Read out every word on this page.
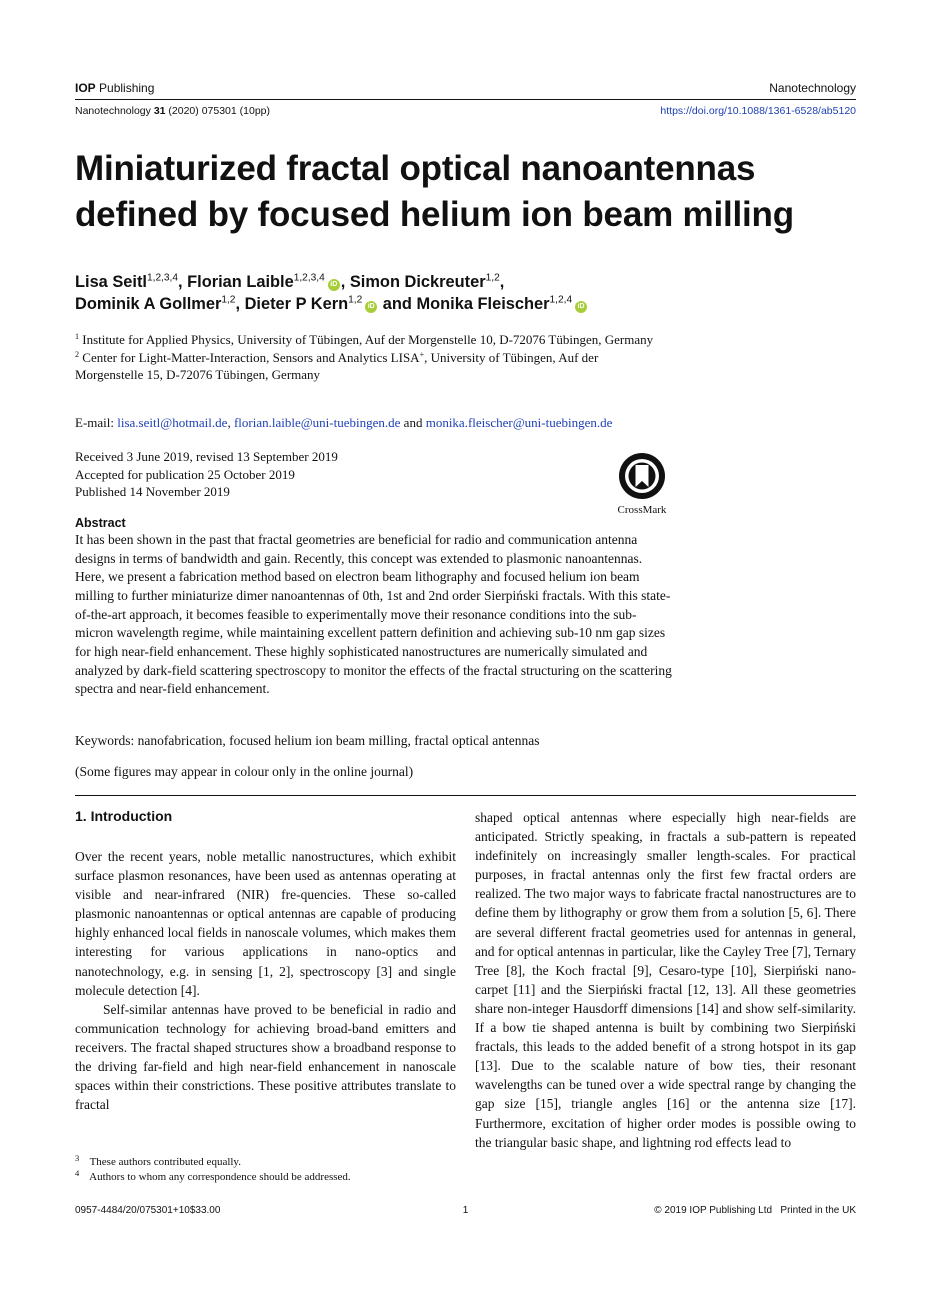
IOP Publishing	Nanotechnology
Nanotechnology 31 (2020) 075301 (10pp)	https://doi.org/10.1088/1361-6528/ab5120
Miniaturized fractal optical nanoantennas
defined by focused helium ion beam milling
Lisa Seitl$^{1,2,3,4}$, Florian Laible$^{1,2,3,4}$iD , Simon Dickreuter$^{1,2}$,
Dominik A Gollmer$^{1,2}$, Dieter P Kern$^{1,2}$iD and Monika Fleischer$^{1,2,4}$iD

$^1$ Institute for Applied Physics, University of Tübingen, Auf der Morgenstelle 10, D-72076 Tübingen, Germany

$^2$ Center for Light-Matter-Interaction, Sensors and Analytics LISA+, University of Tübingen, Auf der Morgenstelle 15, D-72076 Tübingen, Germany

E-mail: lisa.seitl@hotmail.de, florian.laible@uni-tuebingen.de and monika.fleischer@uni-tuebingen.de
Received 3 June 2019, revised 13 September 2019
Accepted for publication 25 October 2019
Published 14 November 2019
CrossMark
Abstract
It has been shown in the past that fractal geometries are beneficial for radio and communication antenna designs in terms of bandwidth and gain. Recently, this concept was extended to plasmonic nanoantennas. Here, we present a fabrication method based on electron beam lithography and focused helium ion beam milling to further miniaturize dimer nanoantennas of 0th, 1st and 2nd order Sierpiński fractals. With this state-of-the-art approach, it becomes feasible to experimentally move their resonance conditions into the sub-micron wavelength regime, while maintaining excellent pattern definition and achieving sub-10 nm gap sizes for high near-field enhancement. These highly sophisticated nanostructures are numerically simulated and analyzed by dark-field scattering spectroscopy to monitor the effects of the fractal structuring on the scattering spectra and near-field enhancement.
Keywords: nanofabrication, focused helium ion beam milling, fractal optical antennas
(Some figures may appear in colour only in the online journal)
1. Introduction

Over the recent years, noble metallic nanostructures, which exhibit surface plasmon resonances, have been used as antennas operating at visible and near-infrared (NIR) fre-quencies. These so-called plasmonic nanoantennas or optical antennas are capable of producing highly enhanced local fields in nanoscale volumes, which makes them interesting for various applications in nano-optics and nanotechnology, e.g. in sensing [1, 2], spectroscopy [3] and single molecule detection [4].

Self-similar antennas have proved to be beneficial in radio and communication technology for achieving broad-band emitters and receivers. The fractal shaped structures show a broadband response to the driving far-field and high near-field enhancement in nanoscale spaces within their constrictions. These positive attributes translate to fractal

shaped optical antennas where especially high near-fields are anticipated. Strictly speaking, in fractals a sub-pattern is repeated indefinitely on increasingly smaller length-scales. For practical purposes, in fractal antennas only the first few fractal orders are realized. The two major ways to fabricate fractal nanostructures are to define them by lithography or grow them from a solution [5, 6]. There are several different fractal geometries used for antennas in general, and for optical antennas in particular, like the Cayley Tree [7], Ternary Tree [8], the Koch fractal [9], Cesaro-type [10], Sierpiński nano-carpet [11] and the Sierpiński fractal [12, 13]. All these geometries share non-integer Hausdorff dimensions [14] and show self-similarity. If a bow tie shaped antenna is built by combining two Sierpiński fractals, this leads to the added benefit of a strong hotspot in its gap [13]. Due to the scalable nature of bow ties, their resonant wavelengths can be tuned over a wide spectral range by changing the gap size [15], triangle angles [16] or the antenna size [17]. Furthermore, excitation of higher order modes is possible owing to the triangular basic shape, and lightning rod effects lead to

3 These authors contributed equally.

4 Authors to whom any correspondence should be addressed.

0957-4484/20/075301+10$33.00	1	© 2019 IOP Publishing Ltd   Printed in the UK
